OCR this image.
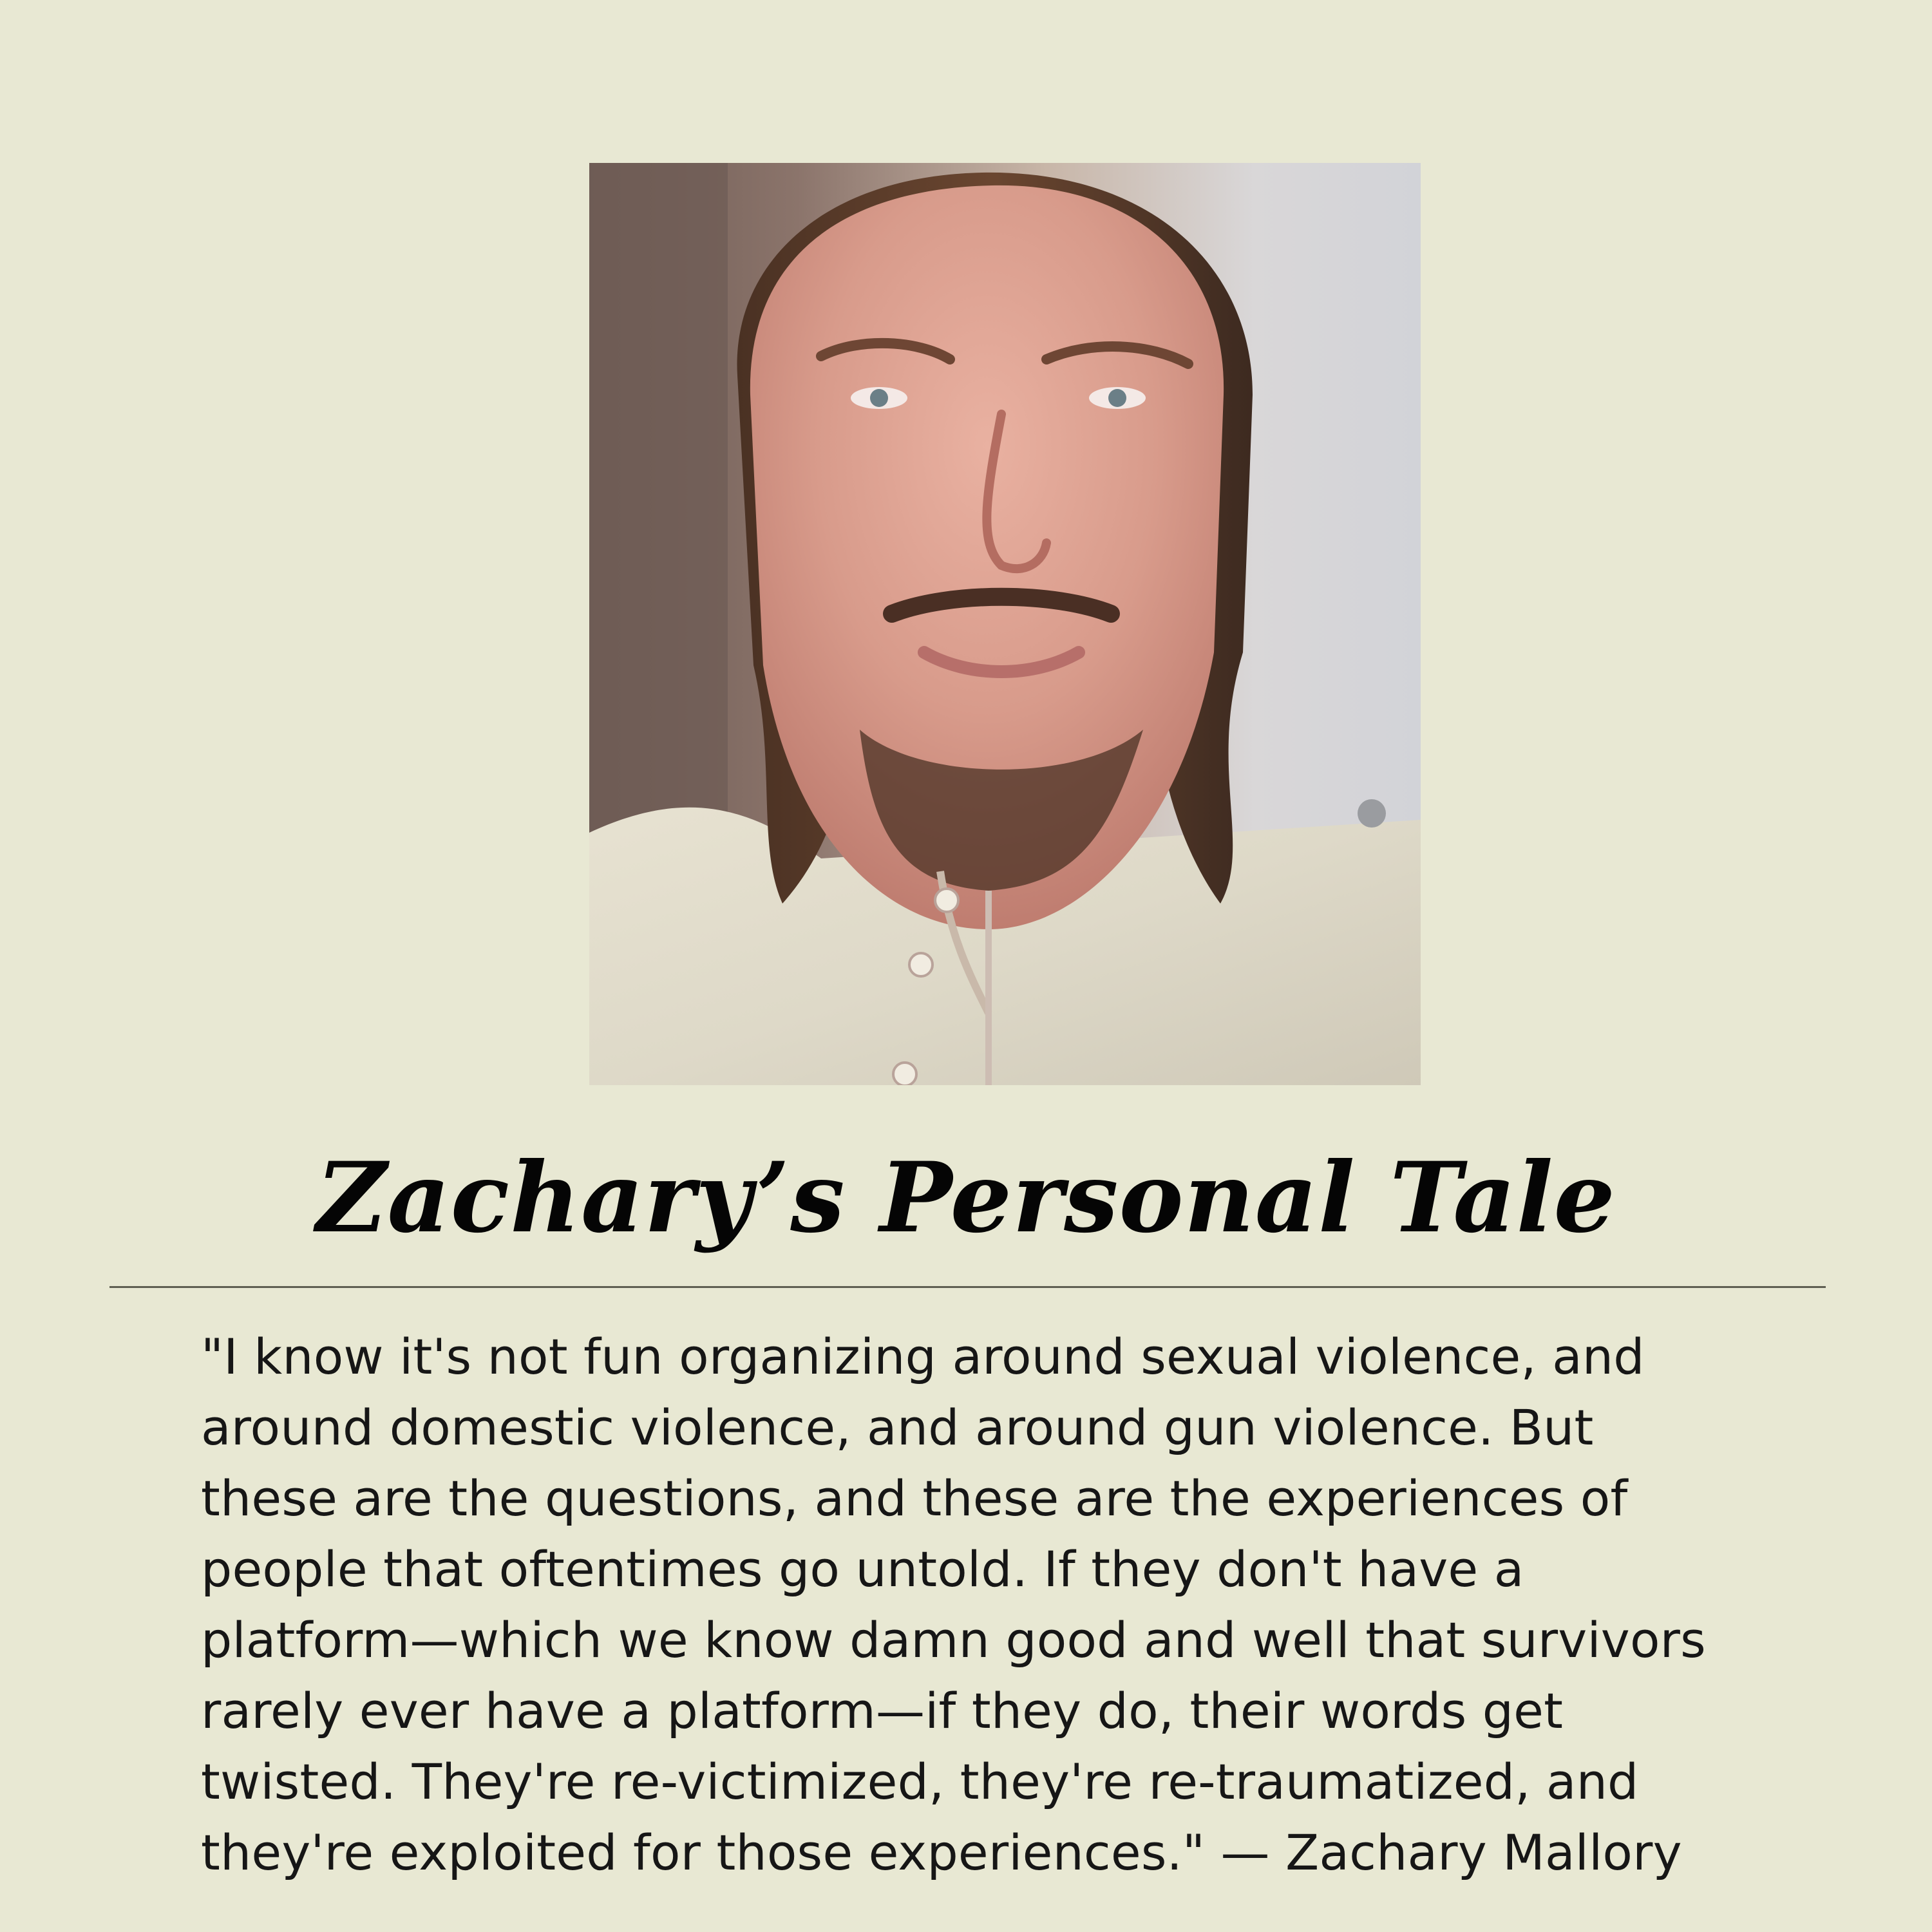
Zachary’s Personal Tale
"I know it's not fun organizing around sexual violence, and
around domestic violence, and around gun violence. But
these are the questions, and these are the experiences of
people that oftentimes go untold. If they don't have a
platform—which we know damn good and well that survivors
rarely ever have a platform—if they do, their words get
twisted. They're re-victimized, they're re-traumatized, and
they're exploited for those experiences." — Zachary Mallory
